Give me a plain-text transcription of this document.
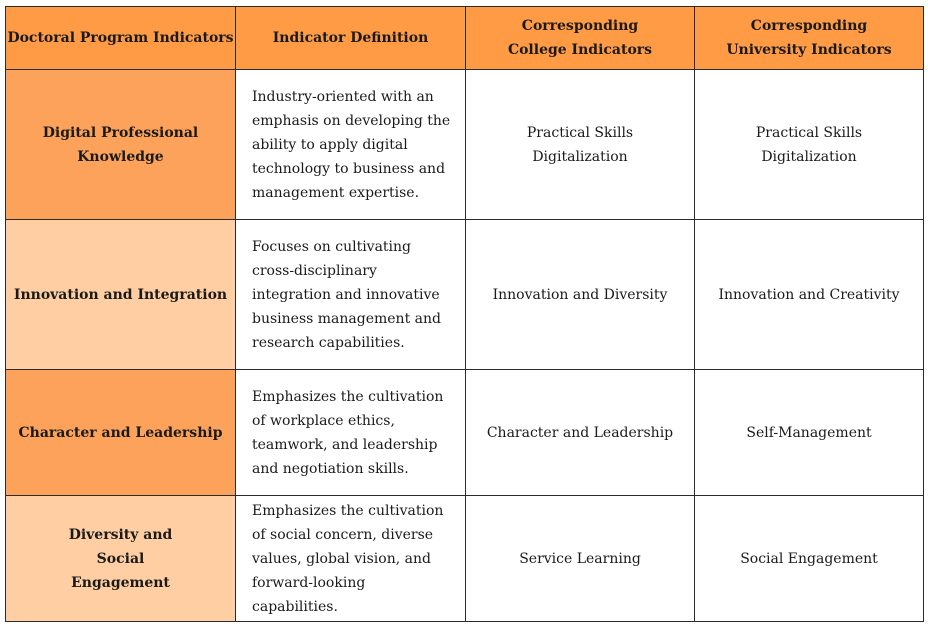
Doctoral Program Indicators	Indicator Definition	Corresponding College Indicators	Corresponding University Indicators
Digital Professional Knowledge	Industry-oriented with an emphasis on developing the ability to apply digital technology to business and management expertise.	Practical Skills Digitalization	Practical Skills Digitalization
Innovation and Integration	Focuses on cultivating cross-disciplinary integration and innovative business management and research capabilities.	Innovation and Diversity	Innovation and Creativity
Character and Leadership	Emphasizes the cultivation of workplace ethics, teamwork, and leadership and negotiation skills.	Character and Leadership	Self-Management
Diversity and Social Engagement	Emphasizes the cultivation of social concern, diverse values, global vision, and forward-looking capabilities.	Service Learning	Social Engagement
